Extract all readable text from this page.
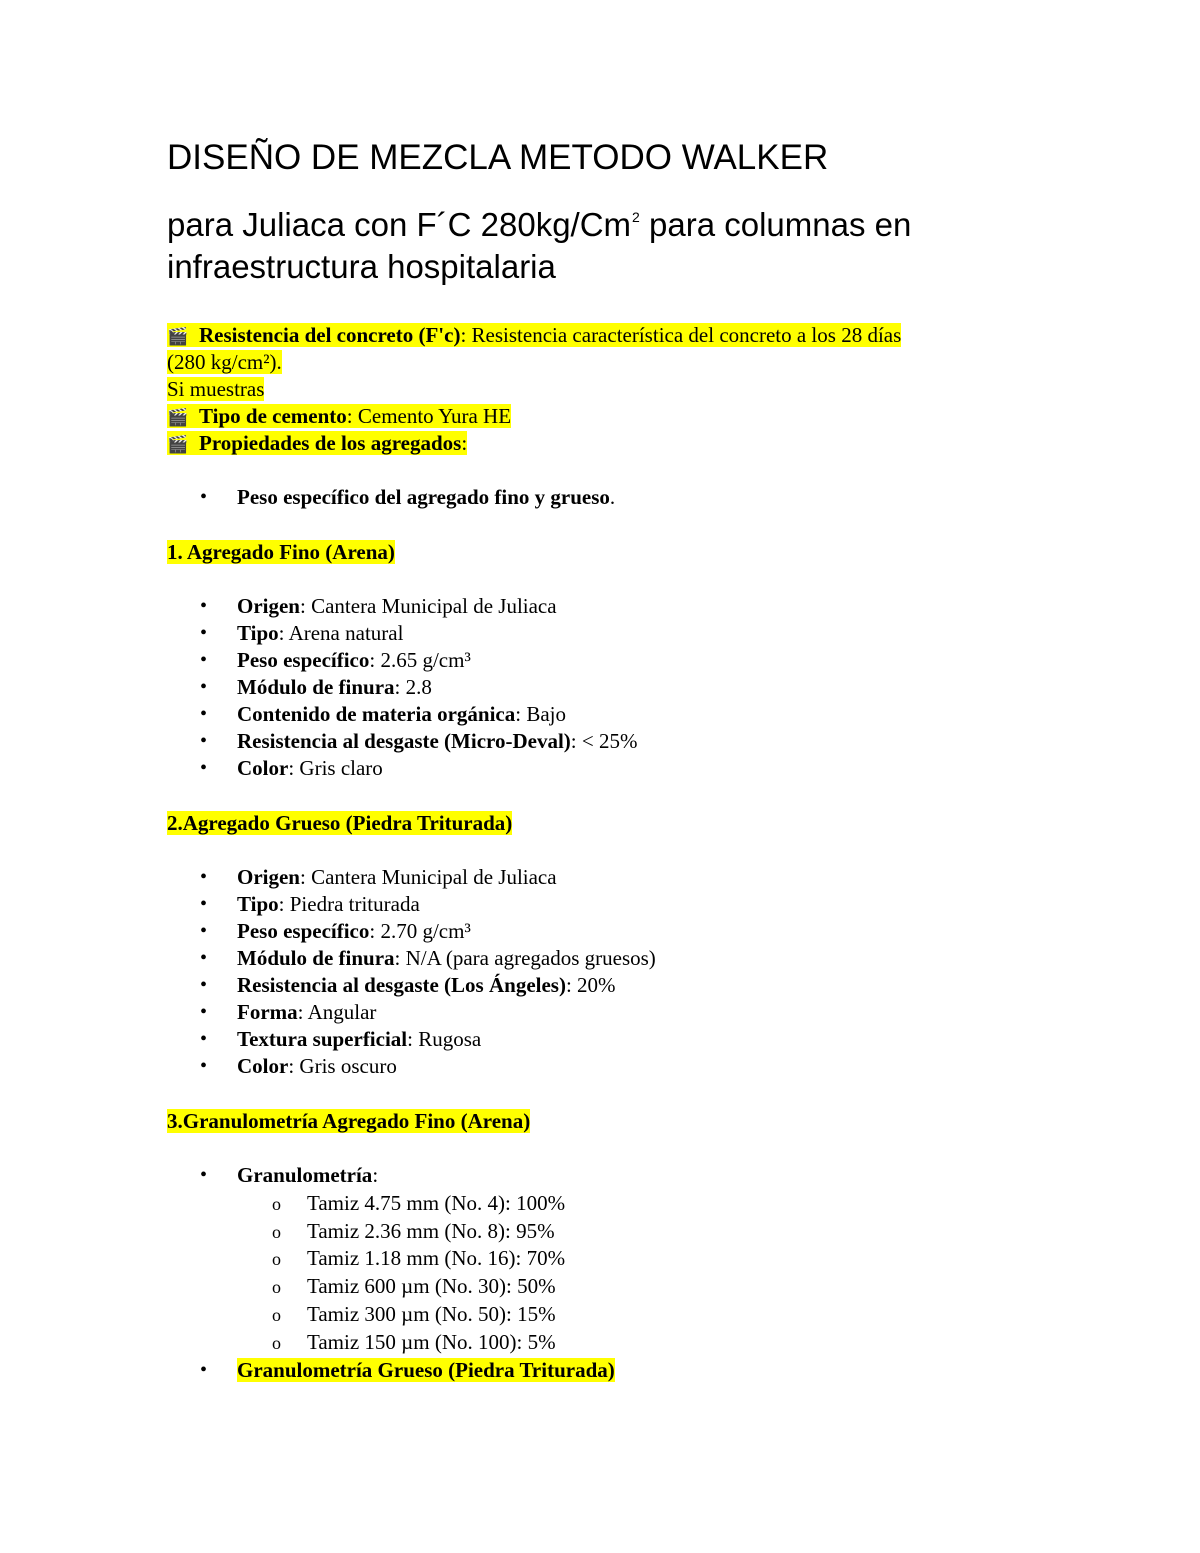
DISEÑO DE MEZCLA METODO WALKER
para Juliaca con F´C 280kg/Cm$^2$ para columnas en infraestructura hospitalaria
🎬 Resistencia del concreto (F'c): Resistencia característica del concreto a los 28 días
(280 kg/cm²).
Si muestras
🎬 Tipo de cemento: Cemento Yura HE
🎬 Propiedades de los agregados:
• Peso específico del agregado fino y grueso.
1. Agregado Fino (Arena)
• Origen: Cantera Municipal de Juliaca
• Tipo: Arena natural
• Peso específico: 2.65 g/cm³
• Módulo de finura: 2.8
• Contenido de materia orgánica: Bajo
• Resistencia al desgaste (Micro-Deval): < 25%
• Color: Gris claro
2.Agregado Grueso (Piedra Triturada)
• Origen: Cantera Municipal de Juliaca
• Tipo: Piedra triturada
• Peso específico: 2.70 g/cm³
• Módulo de finura: N/A (para agregados gruesos)
• Resistencia al desgaste (Los Ángeles): 20%
• Forma: Angular
• Textura superficial: Rugosa
• Color: Gris oscuro
3.Granulometría Agregado Fino (Arena)
• Granulometría:
o Tamiz 4.75 mm (No. 4): 100%
o Tamiz 2.36 mm (No. 8): 95%
o Tamiz 1.18 mm (No. 16): 70%
o Tamiz 600 µm (No. 30): 50%
o Tamiz 300 µm (No. 50): 15%
o Tamiz 150 µm (No. 100): 5%
• Granulometría Grueso (Piedra Triturada)
